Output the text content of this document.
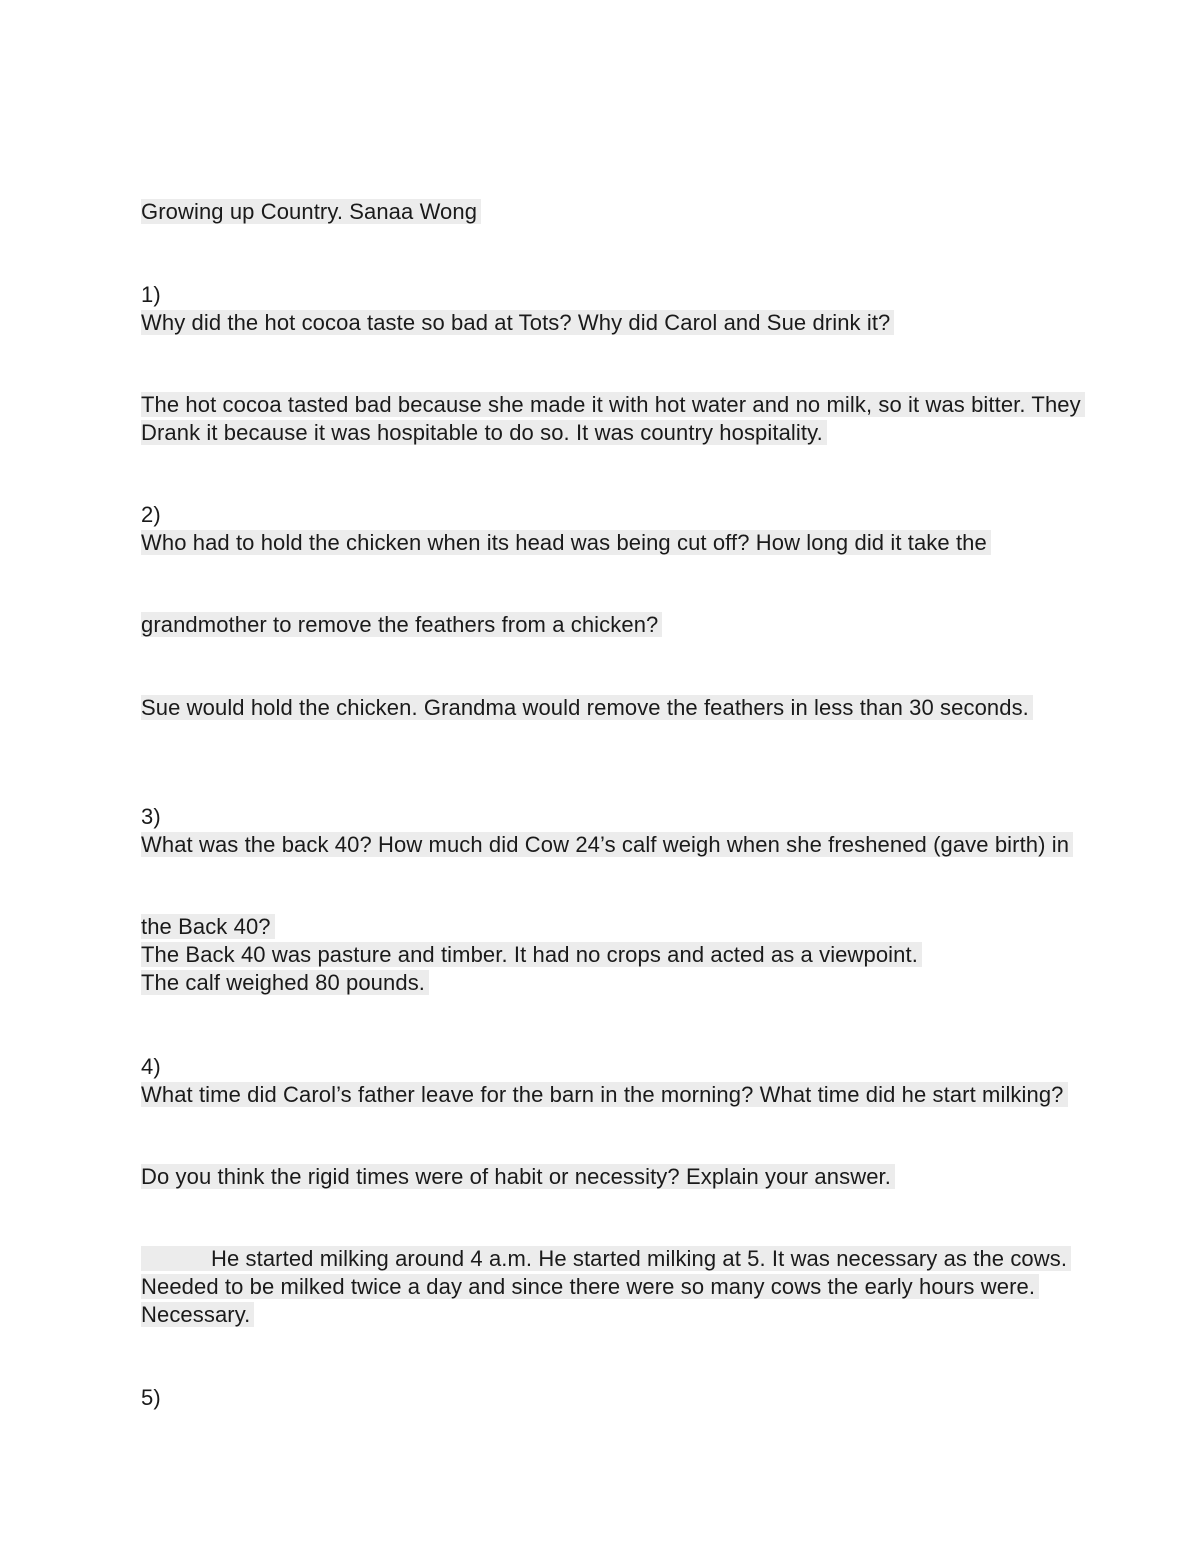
Growing up Country. Sanaa Wong
1)
Why did the hot cocoa taste so bad at Tots? Why did Carol and Sue drink it?
The hot cocoa tasted bad because she made it with hot water and no milk, so it was bitter. They
Drank it because it was hospitable to do so. It was country hospitality.
2)
Who had to hold the chicken when its head was being cut off? How long did it take the
grandmother to remove the feathers from a chicken?
Sue would hold the chicken. Grandma would remove the feathers in less than 30 seconds.
3)
What was the back 40? How much did Cow 24’s calf weigh when she freshened (gave birth) in
the Back 40?
The Back 40 was pasture and timber. It had no crops and acted as a viewpoint.
The calf weighed 80 pounds.
4)
What time did Carol’s father leave for the barn in the morning? What time did he start milking?
Do you think the rigid times were of habit or necessity? Explain your answer.
He started milking around 4 a.m. He started milking at 5. It was necessary as the cows.
Needed to be milked twice a day and since there were so many cows the early hours were.
Necessary.
5)
